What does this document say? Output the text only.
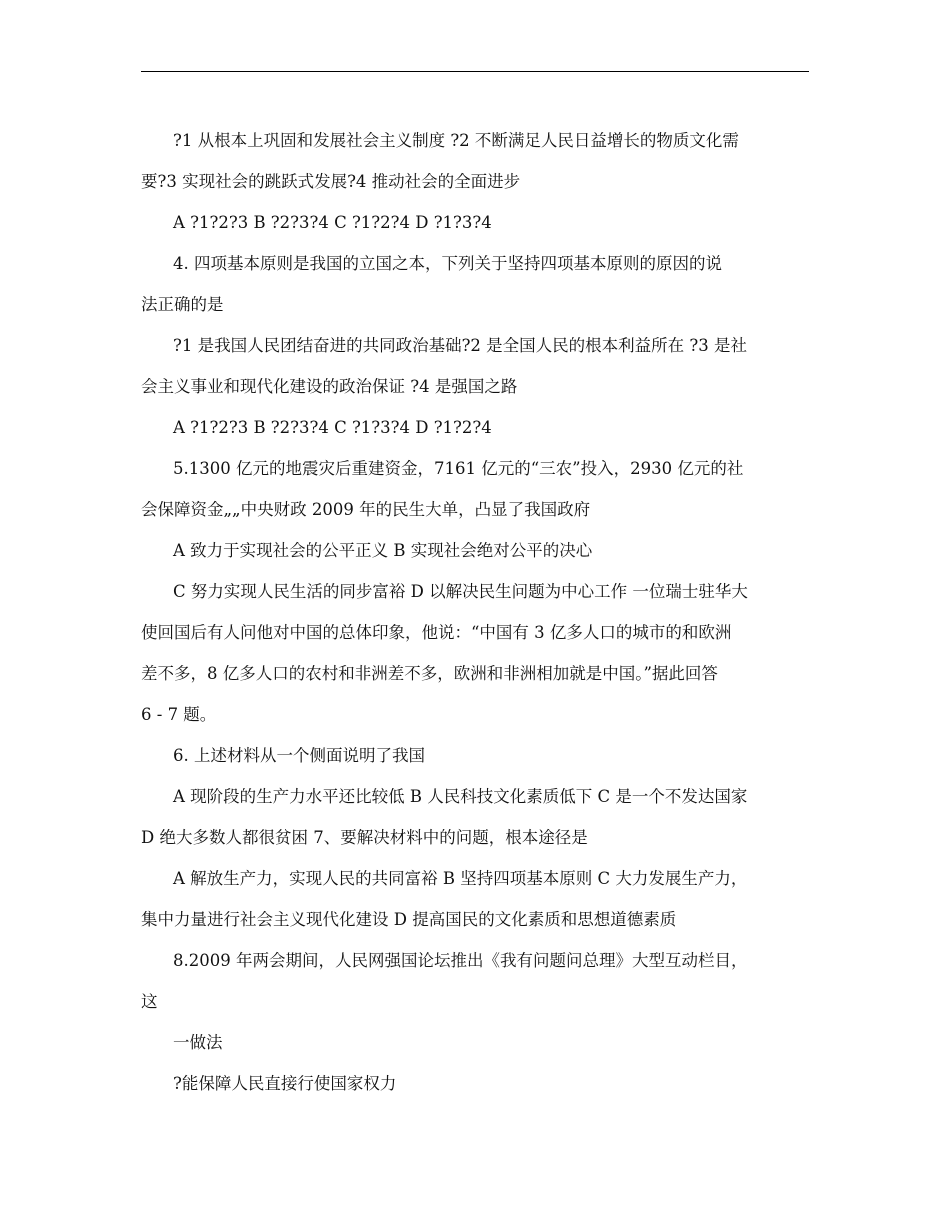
?1 从根本上巩固和发展社会主义制度 ?2 不断满足人民日益增长的物质文化需
要?3 实现社会的跳跃式发展?4 推动社会的全面进步
A ?1?2?3 B ?2?3?4 C ?1?2?4 D ?1?3?4
4. 四项基本原则是我国的立国之本，下列关于坚持四项基本原则的原因的说
法正确的是
?1 是我国人民团结奋进的共同政治基础?2 是全国人民的根本利益所在 ?3 是社
会主义事业和现代化建设的政治保证 ?4 是强国之路
A ?1?2?3 B ?2?3?4 C ?1?3?4 D ?1?2?4
5.1300 亿元的地震灾后重建资金，7161 亿元的“三农”投入，2930 亿元的社
会保障资金„„中央财政 2009 年的民生大单，凸显了我国政府
A 致力于实现社会的公平正义 B 实现社会绝对公平的决心
C 努力实现人民生活的同步富裕 D 以解决民生问题为中心工作 一位瑞士驻华大
使回国后有人问他对中国的总体印象，他说：“中国有 3 亿多人口的城市的和欧洲
差不多，8 亿多人口的农村和非洲差不多，欧洲和非洲相加就是中国。”据此回答
6 - 7 题。
6. 上述材料从一个侧面说明了我国
A 现阶段的生产力水平还比较低 B 人民科技文化素质低下 C 是一个不发达国家
D 绝大多数人都很贫困 7、要解决材料中的问题，根本途径是
A 解放生产力，实现人民的共同富裕 B 坚持四项基本原则 C 大力发展生产力，
集中力量进行社会主义现代化建设 D 提高国民的文化素质和思想道德素质
8.2009 年两会期间，人民网强国论坛推出《我有问题问总理》大型互动栏目，
这
一做法
?能保障人民直接行使国家权力
